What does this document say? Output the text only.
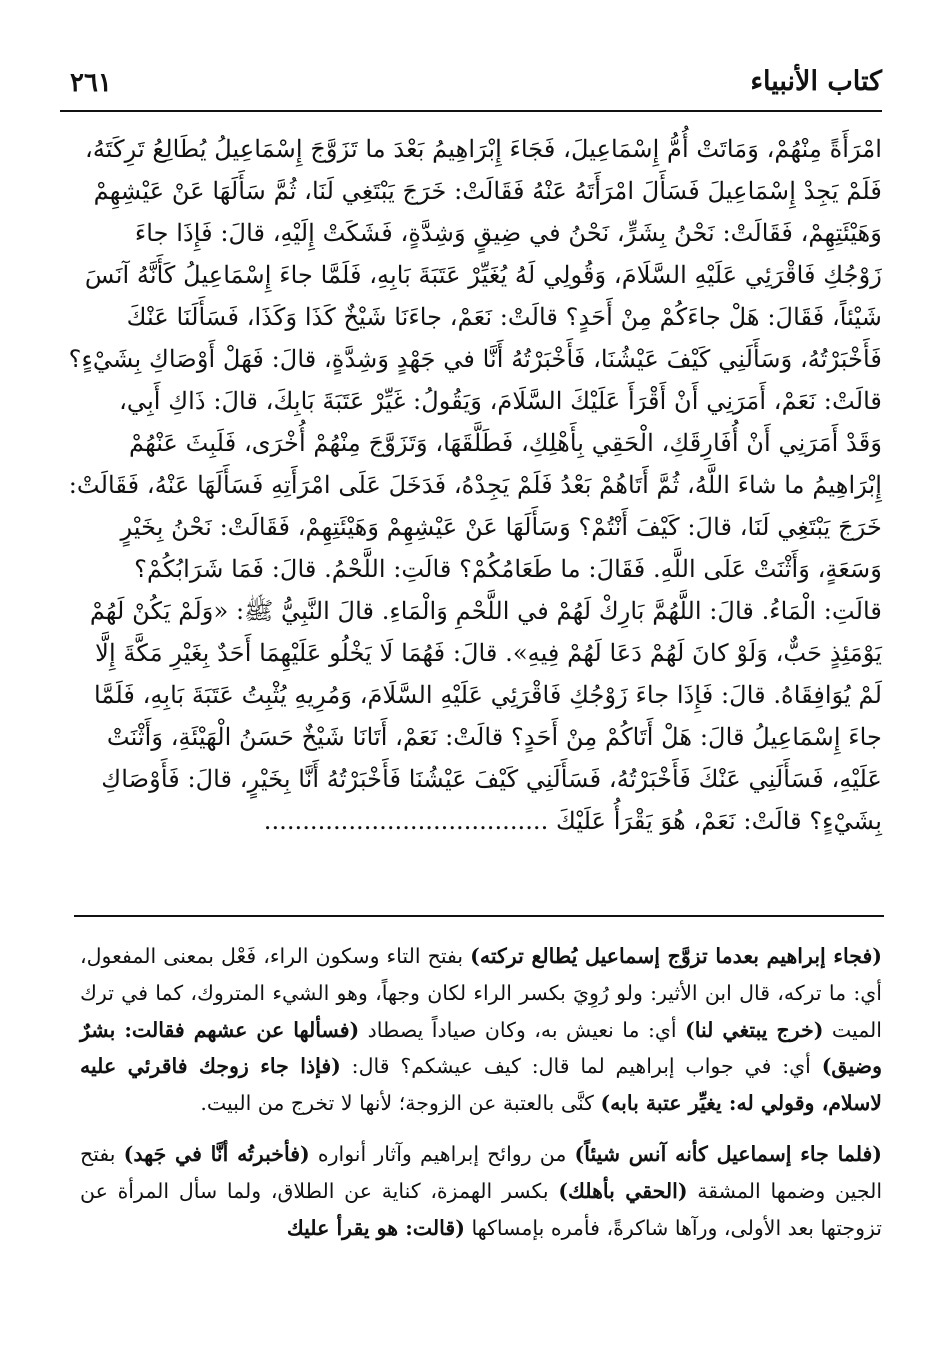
كتاب الأنبياء
٢٦١

امْرَأَةً مِنْهُمْ، وَمَاتَتْ أُمُّ إِسْمَاعِيلَ، فَجَاءَ إِبْرَاهِيمُ بَعْدَ ما تَزَوَّجَ إِسْمَاعِيلُ يُطَالِعُ تَرِكَتَهُ،

فَلَمْ يَجِدْ إِسْمَاعِيلَ فَسَأَلَ امْرَأَتَهُ عَنْهُ فَقَالَتْ: خَرَجَ يَبْتَغِي لَنَا، ثُمَّ سَأَلَهَا عَنْ عَيْشِهِمْ

وَهَيْئَتِهِمْ، فَقَالَتْ: نَحْنُ بِشَرٍّ، نَحْنُ في ضِيقٍ وَشِدَّةٍ، فَشَكَتْ إِلَيْهِ، قالَ: فَإِذَا جاءَ

زَوْجُكِ فَاقْرَئِي عَلَيْهِ السَّلَامَ، وَقُولِي لَهُ يُغَيِّرْ عَتَبَةَ بَابِهِ، فَلَمَّا جاءَ إِسْمَاعِيلُ كَأَنَّهُ آنَسَ

شَيْئاً، فَقَالَ: هَلْ جاءَكُمْ مِنْ أَحَدٍ؟ قالَتْ: نَعَمْ، جاءَنَا شَيْخٌ كَذَا وَكَذَا، فَسَأَلَنَا عَنْكَ

فَأَخْبَرْتُهُ، وَسَأَلَنِي كَيْفَ عَيْشُنَا، فَأَخْبَرْتُهُ أَنَّا في جَهْدٍ وَشِدَّةٍ، قالَ: فَهَلْ أَوْصَاكِ بِشَيْءٍ؟

قالَتْ: نَعَمْ، أَمَرَنِي أَنْ أَقْرَأَ عَلَيْكَ السَّلَامَ، وَيَقُولُ: غَيِّرْ عَتَبَةَ بَابِكَ، قالَ: ذَاكِ أَبِي،

وَقَدْ أَمَرَنِي أَنْ أُفَارِقَكِ، الْحَقِي بِأَهْلِكِ، فَطَلَّقَهَا، وَتَزَوَّجَ مِنْهُمْ أُخْرَى، فَلَبِثَ عَنْهُمْ

إِبْرَاهِيمُ ما شاءَ اللَّهُ، ثُمَّ أَتَاهُمْ بَعْدُ فَلَمْ يَجِدْهُ، فَدَخَلَ عَلَى امْرَأَتِهِ فَسَأَلَهَا عَنْهُ، فَقَالَتْ:

خَرَجَ يَبْتَغِي لَنَا، قالَ: كَيْفَ أَنْتُمْ؟ وَسَأَلَهَا عَنْ عَيْشِهِمْ وَهَيْئَتِهِمْ، فَقَالَتْ: نَحْنُ بِخَيْرٍ

وَسَعَةٍ، وَأَثْنَتْ عَلَى اللَّهِ. فَقَالَ: ما طَعَامُكُمْ؟ قالَتِ: اللَّحْمُ. قالَ: فَمَا شَرَابُكُمْ؟

قالَتِ: الْمَاءُ. قالَ: اللَّهُمَّ بَارِكْ لَهُمْ في اللَّحْمِ وَالْمَاءِ. قالَ النَّبِيُّ ﷺ: «وَلَمْ يَكُنْ لَهُمْ

يَوْمَئِذٍ حَبٌّ، وَلَوْ كانَ لَهُمْ دَعَا لَهُمْ فِيهِ». قالَ: فَهُمَا لَا يَخْلُو عَلَيْهِمَا أَحَدٌ بِغَيْرِ مَكَّةَ إِلَّا

لَمْ يُوَافِقَاهُ. قالَ: فَإِذَا جاءَ زَوْجُكِ فَاقْرَئِي عَلَيْهِ السَّلَامَ، وَمُرِيهِ يُثْبِتُ عَتَبَةَ بَابِهِ، فَلَمَّا

جاءَ إِسْمَاعِيلُ قالَ: هَلْ أَتَاكُمْ مِنْ أَحَدٍ؟ قالَتْ: نَعَمْ، أَتَانَا شَيْخٌ حَسَنُ الْهَيْئَةِ، وَأَثْنَتْ

عَلَيْهِ، فَسَأَلَنِي عَنْكَ فَأَخْبَرْتُهُ، فَسَأَلَنِي كَيْفَ عَيْشُنَا فَأَخْبَرْتُهُ أَنَّا بِخَيْرٍ، قالَ: فَأَوْصَاكِ

بِشَيْءٍ؟ قالَتْ: نَعَمْ، هُوَ يَقْرَأُ عَلَيْكَ .....................................

(فجاء إبراهيم بعدما تزوَّج إسماعيل يُطالع تركته) بفتح التاء وسكون الراء، فَعْل بمعنى المفعول، أي: ما تركه، قال ابن الأثير: ولو رُوِيَ بكسر الراء لكان وجهاً، وهو الشيء المتروك، كما في ترك الميت (خرج يبتغي لنا) أي: ما نعيش به، وكان صياداً يصطاد (فسألها عن عشهم فقالت: بشرٌ وضيق) أي: في جواب إبراهيم لما قال: كيف عيشكم؟ قال: (فإذا جاء زوجك فاقرئي عليه لاسلام، وقولي له: يغيِّر عتبة بابه) كنَّى بالعتبة عن الزوجة؛ لأنها لا تخرج من البيت.

(فلما جاء إسماعيل كأنه آنس شيئاً) من روائح إبراهيم وآثار أنواره (فأخبرتُه أنَّا في جَهد) بفتح الجين وضمها المشقة (الحقي بأهلك) بكسر الهمزة، كناية عن الطلاق، ولما سأل المرأة عن تزوجتها بعد الأولى، ورآها شاكرةً، فأمره بإمساكها (قالت: هو يقرأ عليك
